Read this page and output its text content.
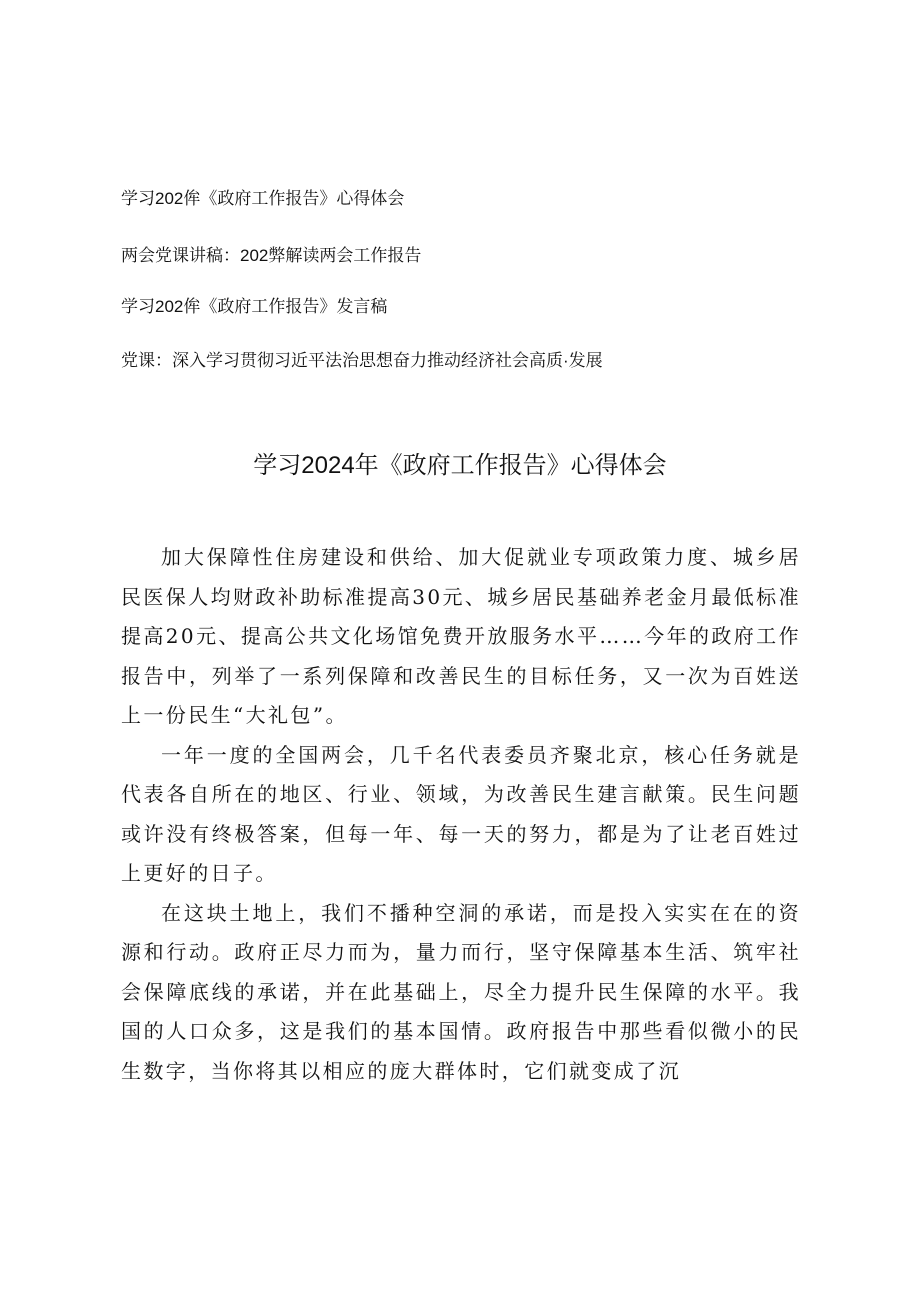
学习202侔《政府工作报告》心得体会
两会党课讲稿：202弊解读两会工作报告
学习202侔《政府工作报告》发言稿
党课：深入学习贯彻习近平法治思想奋力推动经济社会高质·发展
学习2024年《政府工作报告》心得体会

加大保障性住房建设和供给、加大促就业专项政策力度、城乡居民医保人均财政补助标准提高30元、城乡居民基础养老金月最低标准提高20元、提高公共文化场馆免费开放服务水平……今年的政府工作报告中，列举了一系列保障和改善民生的目标任务，又一次为百姓送上一份民生“大礼包”。

一年一度的全国两会，几千名代表委员齐聚北京，核心任务就是代表各自所在的地区、行业、领域，为改善民生建言献策。民生问题或许没有终极答案，但每一年、每一天的努力，都是为了让老百姓过上更好的日子。

在这块土地上，我们不播种空洞的承诺，而是投入实实在在的资源和行动。政府正尽力而为，量力而行，坚守保障基本生活、筑牢社会保障底线的承诺，并在此基础上，尽全力提升民生保障的水平。我国的人口众多，这是我们的基本国情。政府报告中那些看似微小的民生数字，当你将其以相应的庞大群体时，它们就变成了沉
